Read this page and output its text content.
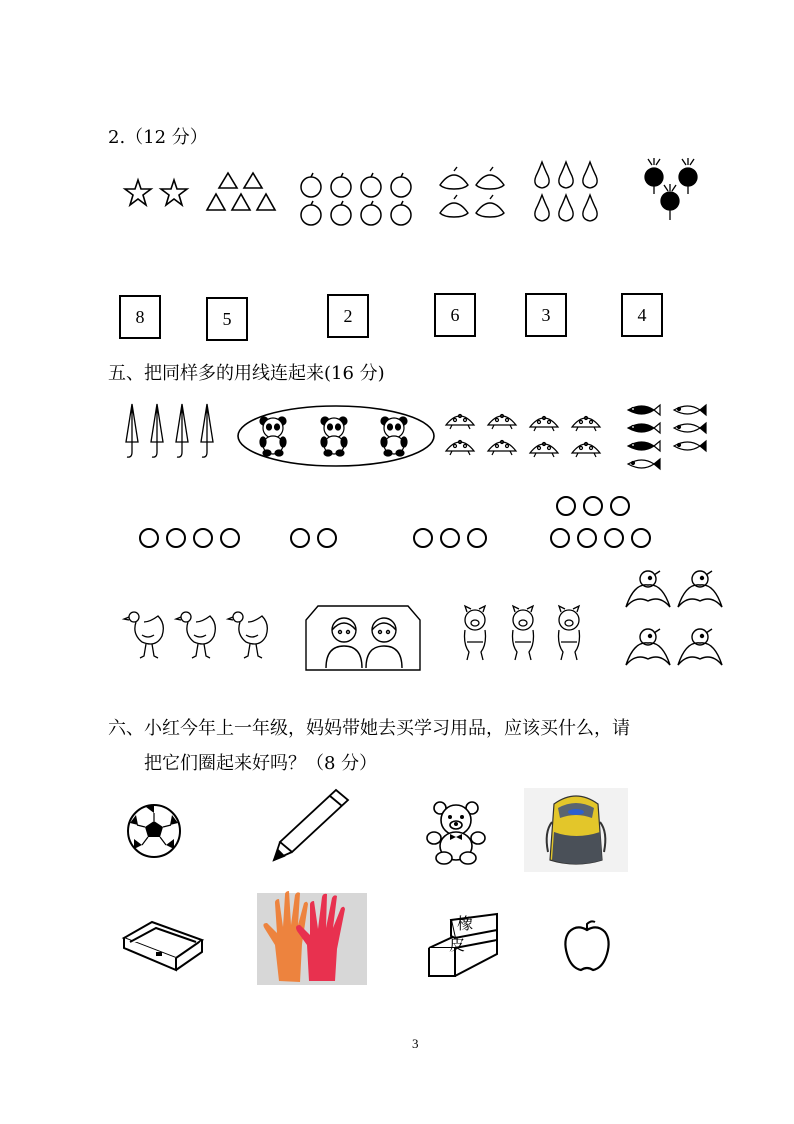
2.（12 分）
8	5	2	6	3	4
五、把同样多的用线连起来(16 分)
六、小红今年上一年级，妈妈带她去买学习用品，应该买什么，请
把它们圈起来好吗？（8 分）
橡
皮
3
